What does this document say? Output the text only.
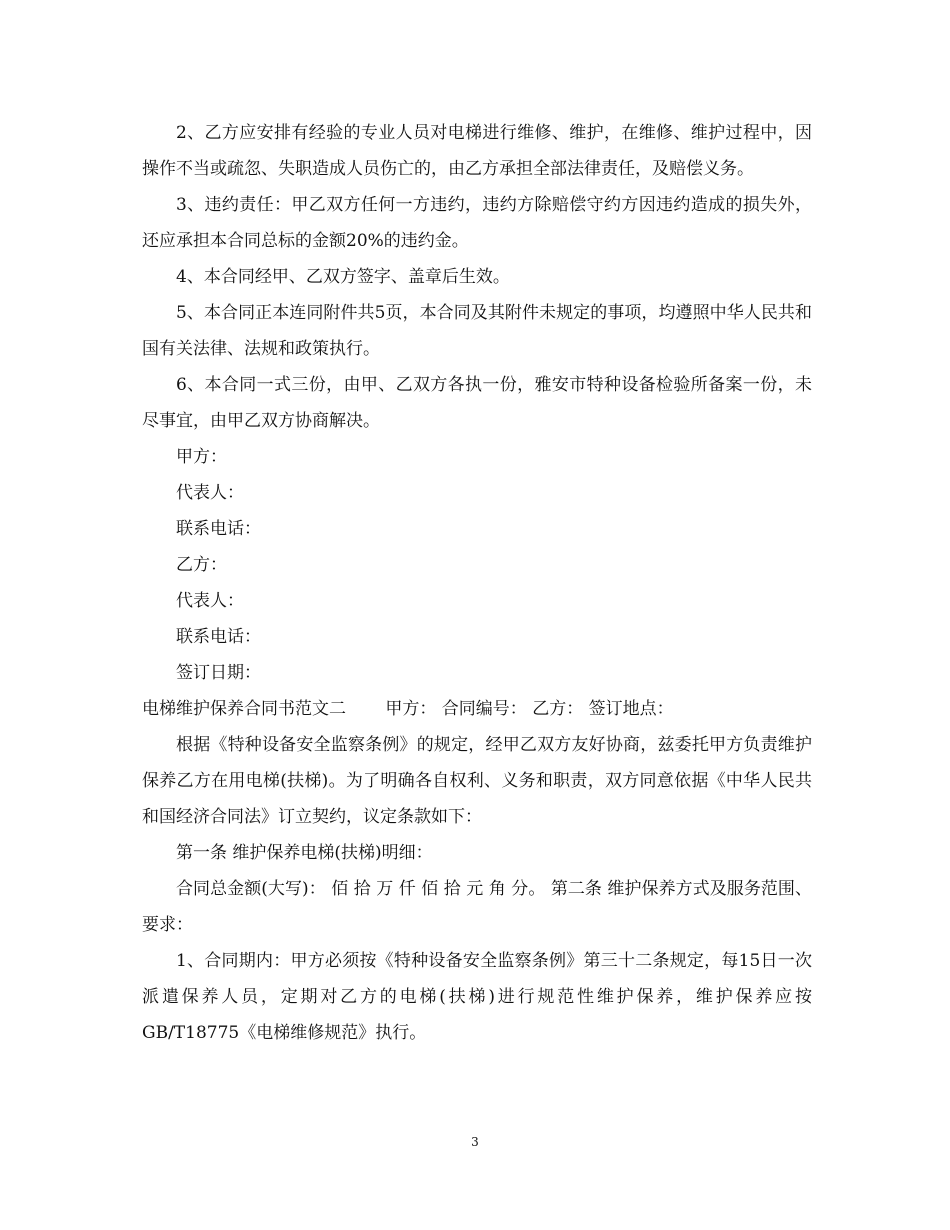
2、乙方应安排有经验的专业人员对电梯进行维修、维护，在维修、维护过程中，因操作不当或疏忽、失职造成人员伤亡的，由乙方承担全部法律责任，及赔偿义务。

3、违约责任：甲乙双方任何一方违约，违约方除赔偿守约方因违约造成的损失外，还应承担本合同总标的金额20%的违约金。

4、本合同经甲、乙双方签字、盖章后生效。

5、本合同正本连同附件共5页，本合同及其附件未规定的事项，均遵照中华人民共和国有关法律、法规和政策执行。

6、本合同一式三份，由甲、乙双方各执一份，雅安市特种设备检验所备案一份，未尽事宜，由甲乙双方协商解决。

甲方：

代表人：

联系电话：

乙方：

代表人：

联系电话：

签订日期：

电梯维护保养合同书范文二　　 甲方： 合同编号： 乙方： 签订地点：

根据《特种设备安全监察条例》的规定，经甲乙双方友好协商，兹委托甲方负责维护保养乙方在用电梯(扶梯)。为了明确各自权利、义务和职责，双方同意依据《中华人民共和国经济合同法》订立契约，议定条款如下：

第一条 维护保养电梯(扶梯)明细：

合同总金额(大写)： 佰 拾 万 仟 佰 拾 元 角 分。 第二条 维护保养方式及服务范围、要求：

1、合同期内：甲方必须按《特种设备安全监察条例》第三十二条规定，每15日一次派遣保养人员，定期对乙方的电梯(扶梯)进行规范性维护保养，维护保养应按GB/T18775《电梯维修规范》执行。

3
